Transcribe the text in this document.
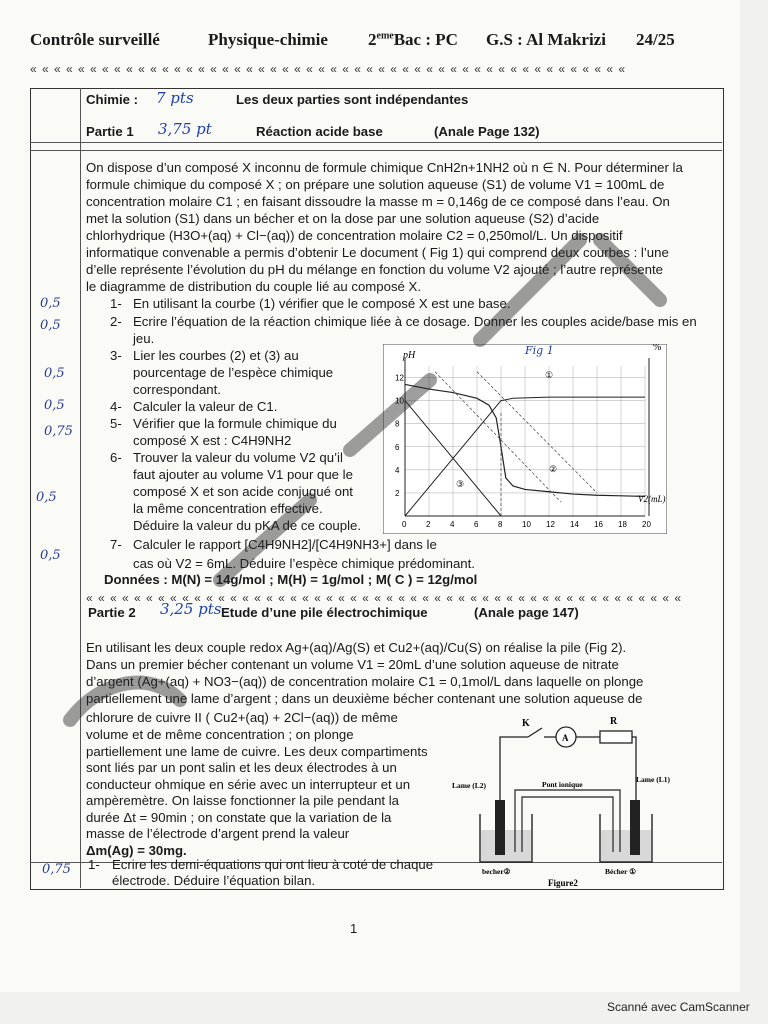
Contrôle surveillé	Physique-chimie 2emeBac : PC G.S : Al Makrizi 24/25
« « « « « « « « « « « « « « « « « « « « « « « « « « « « « « « « « « « « « « « « « « « « « « « « « «
Chimie : 7 pts	Les deux parties sont indépendantes
Partie 1 3,75 pt	Réaction acide base	(Anale Page 132)
On dispose d’un composé X inconnu de formule chimique CnH2n+1NH2 où n ∈ N. Pour déterminer la
formule chimique du composé X ; on prépare une solution aqueuse (S1) de volume V1 = 100mL de
concentration molaire C1 ; en faisant dissoudre la masse m = 0,146g de ce composé dans l’eau. On
met la solution (S1) dans un bécher et on la dose par une solution aqueuse (S2) d’acide
chlorhydrique (H3O+(aq) + Cl−(aq)) de concentration molaire C2 = 0,250mol/L. Un dispositif
informatique convenable a permis d’obtenir Le document ( Fig 1) qui comprend deux courbes : l’une
d’elle représente l’évolution du pH du mélange en fonction du volume V2 ajouté ; l’autre représente
le diagramme de distribution du couple lié au composé X.
1- En utilisant la courbe (1) vérifier que le composé X est une base.
2- Ecrire l’équation de la réaction chimique liée à ce dosage. Donner les couples acide/base mis en
jeu.
3- Lier les courbes (2) et (3) au
pourcentage de l’espèce chimique
correspondant.
4- Calculer la valeur de C1.
5- Vérifier que la formule chimique du
composé X est : C4H9NH2
6- Trouver la valeur du volume V2 qu’il
faut ajouter au volume V1 pour que le
composé X et son acide conjugué ont
la même concentration effective.
Déduire la valeur du pKA de ce couple.
7- Calculer le rapport [C4H9NH2]/[C4H9NH3+] dans le
cas où V2 = 6mL. Déduire l’espèce chimique prédominant.
Données : M(N) = 14g/mol ; M(H) = 1g/mol ; M( C ) = 12g/mol
0,5
0,5
0,5
0,5
0,75
0,5
0,5
0 2 4 6 8 10 12 14 16 18 20
2
4
6
8
10
12
pH
%
Fig 1
V2(mL)
①
②
③
« « « « « « « « « « « « « « « « « « « « « « « « « « « « « « « « « « « « « « « « « « « « « « « « « «
Partie 2 3,25 pts Etude d’une pile électrochimique	(Anale page 147)
En utilisant les deux couple redox Ag+(aq)/Ag(S) et Cu2+(aq)/Cu(S) on réalise la pile (Fig 2).
Dans un premier bécher contenant un volume V1 = 20mL d’une solution aqueuse de nitrate
d’argent (Ag+(aq) + NO3−(aq)) de concentration molaire C1 = 0,1mol/L dans laquelle on plonge
partiellement une lame d’argent ; dans un deuxième bécher contenant une solution aqueuse de
chlorure de cuivre II ( Cu2+(aq) + 2Cl−(aq)) de même
volume et de même concentration ; on plonge
partiellement une lame de cuivre. Les deux compartiments
sont liés par un pont salin et les deux électrodes à un
conducteur ohmique en série avec un interrupteur et un
ampèremètre. On laisse fonctionner la pile pendant la
durée Δt = 90min ; on constate que la variation de la
masse de l’électrode d’argent prend la valeur
Δm(Ag) = 30mg.
1- Ecrire les demi-équations qui ont lieu à coté de chaque
électrode. Déduire l’équation bilan.
0,75
K
A
R
Lame (L2)
Lame (L1)
Pont ionique
becher②	Bécher ①
Figure2
1
Scanné avec CamScanner
